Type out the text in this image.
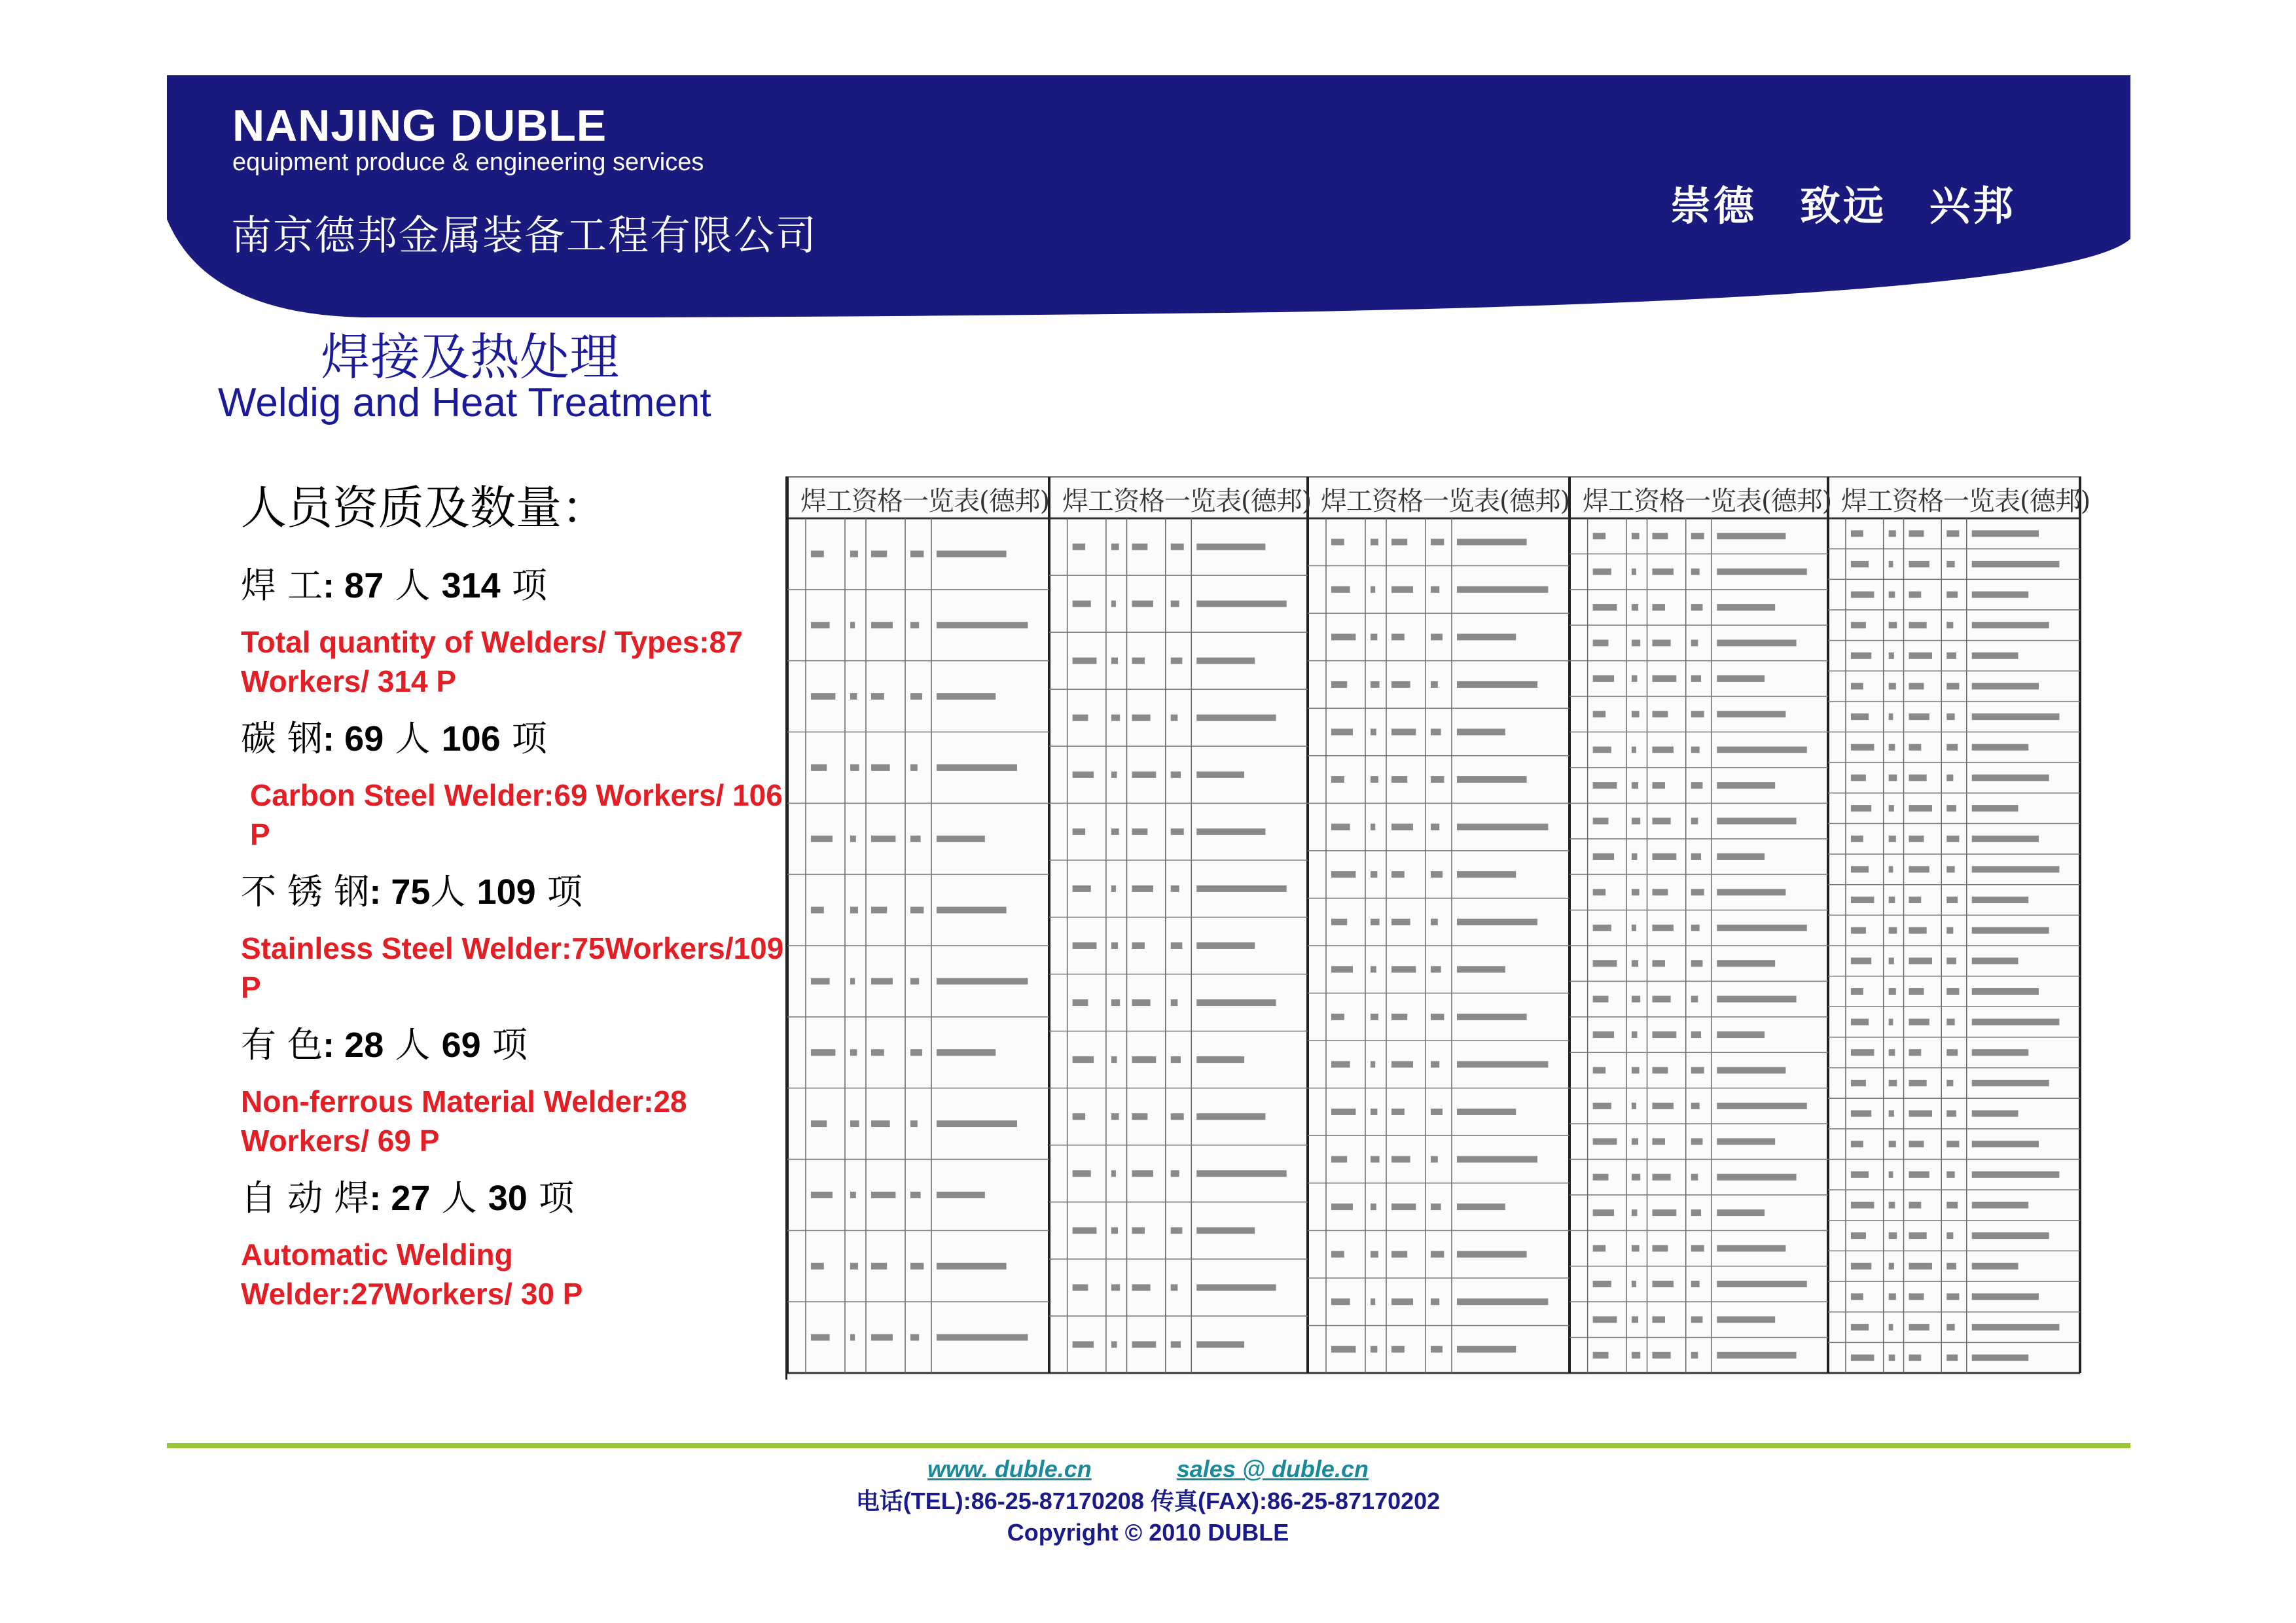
NANJING DUBLE
equipment produce & engineering services
南京德邦金属装备工程有限公司
崇德　致远　兴邦
焊接及热处理
Weldig and Heat Treatment
人员资质及数量：

焊 工: 87 人 314 项

Total quantity of Welders/ Types:87 Workers/ 314 P

碳 钢: 69 人 106 项

Carbon Steel Welder:69 Workers/ 106 P

不 锈 钢: 75人 109 项

Stainless Steel Welder:75Workers/109 P

有 色: 28 人 69 项

Non-ferrous Material Welder:28 Workers/ 69 P

自 动 焊: 27 人 30 项

Automatic Welding Welder:27Workers/ 30 P

焊工资格一览表(德邦) 焊工资格一览表(德邦) 焊工资格一览表(德邦) 焊工资格一览表(德邦) 焊工资格一览表(德邦)
www. duble.cn	sales @ duble.cn
电话(TEL):86-25-87170208 传真(FAX):86-25-87170202
Copyright © 2010 DUBLE
